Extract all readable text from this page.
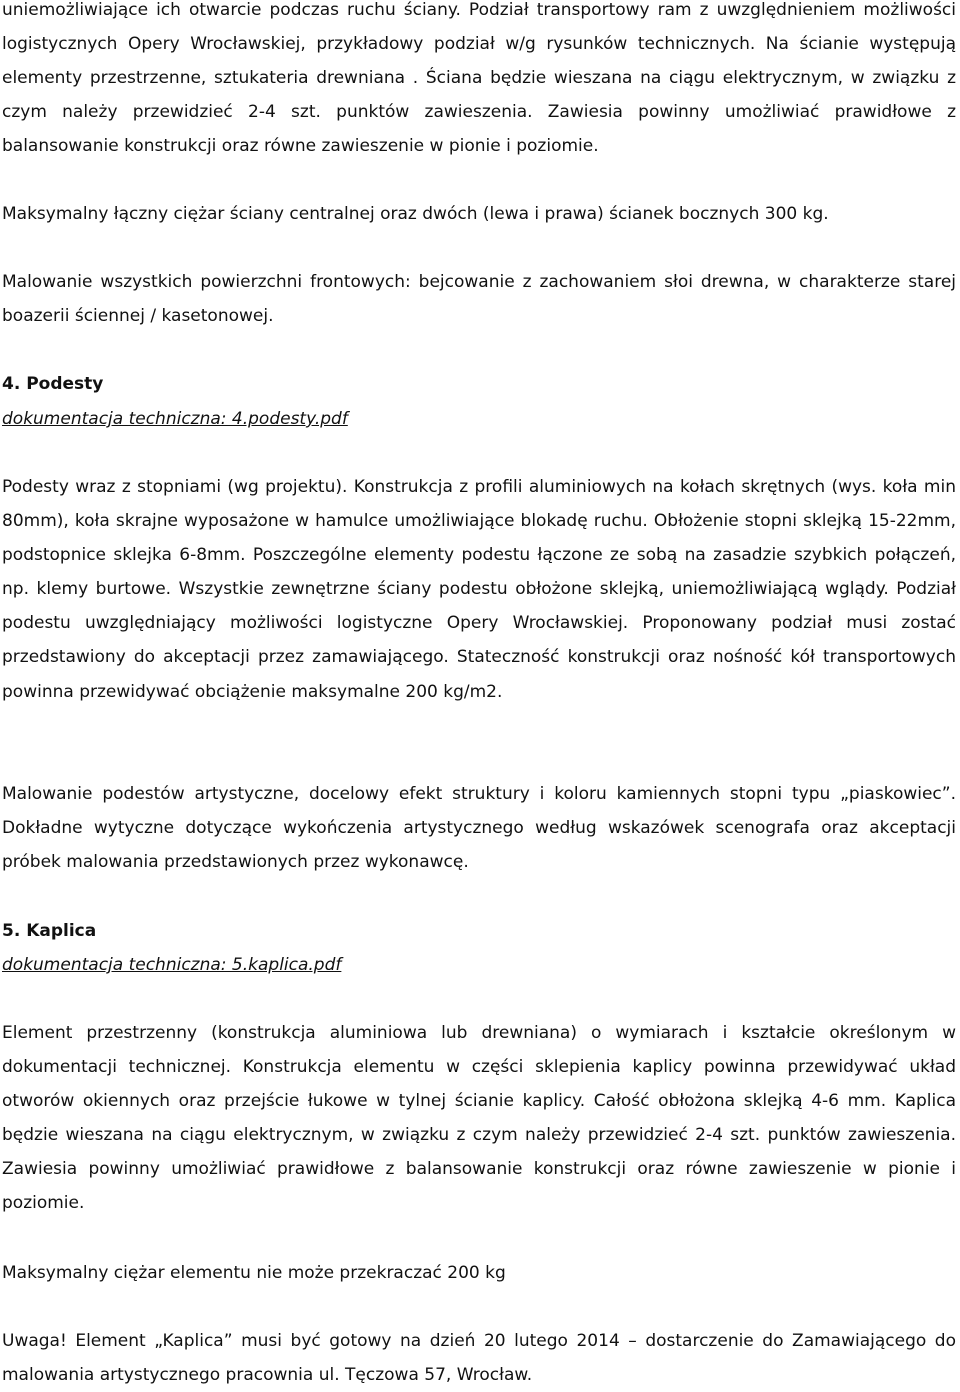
uniemożliwiające ich otwarcie podczas ruchu ściany. Podział transportowy ram z uwzględnieniem możliwości logistycznych Opery Wrocławskiej, przykładowy podział w/g rysunków technicznych. Na ścianie występują elementy przestrzenne, sztukateria drewniana . Ściana będzie wieszana na ciągu elektrycznym, w związku z czym należy przewidzieć 2-4 szt. punktów zawieszenia. Zawiesia powinny umożliwiać prawidłowe z balansowanie konstrukcji oraz równe zawieszenie w pionie i poziomie.

Maksymalny łączny ciężar ściany centralnej oraz dwóch (lewa i prawa) ścianek bocznych 300 kg.

Malowanie wszystkich powierzchni frontowych: bejcowanie z zachowaniem słoi drewna, w charakterze starej boazerii ściennej / kasetonowej.

4. Podesty

dokumentacja techniczna: 4.podesty.pdf

Podesty wraz z stopniami (wg projektu). Konstrukcja z profili aluminiowych na kołach skrętnych (wys. koła min 80mm), koła skrajne wyposażone w hamulce umożliwiające blokadę ruchu. Obłożenie stopni sklejką 15-22mm, podstopnice sklejka 6-8mm. Poszczególne elementy podestu łączone ze sobą na zasadzie szybkich połączeń, np. klemy burtowe. Wszystkie zewnętrzne ściany podestu obłożone sklejką, uniemożliwiającą wglądy. Podział podestu uwzględniający możliwości logistyczne Opery Wrocławskiej. Proponowany podział musi zostać przedstawiony do akceptacji przez zamawiającego. Stateczność konstrukcji oraz nośność kół transportowych powinna przewidywać obciążenie maksymalne 200 kg/m2.

Malowanie podestów artystyczne, docelowy efekt struktury i koloru kamiennych stopni typu „piaskowiec”. Dokładne wytyczne dotyczące wykończenia artystycznego według wskazówek scenografa oraz akceptacji próbek malowania przedstawionych przez wykonawcę.

5. Kaplica

dokumentacja techniczna: 5.kaplica.pdf

Element przestrzenny (konstrukcja aluminiowa lub drewniana) o wymiarach i kształcie określonym w dokumentacji technicznej. Konstrukcja elementu w części sklepienia kaplicy powinna przewidywać układ otworów okiennych oraz przejście łukowe w tylnej ścianie kaplicy. Całość obłożona sklejką 4-6 mm. Kaplica będzie wieszana na ciągu elektrycznym, w związku z czym należy przewidzieć 2-4 szt. punktów zawieszenia. Zawiesia powinny umożliwiać prawidłowe z balansowanie konstrukcji oraz równe zawieszenie w pionie i poziomie.

Maksymalny ciężar elementu nie może przekraczać 200 kg

Uwaga! Element „Kaplica” musi być gotowy na dzień 20 lutego 2014 – dostarczenie do Zamawiającego do malowania artystycznego pracownia ul. Tęczowa 57, Wrocław.
